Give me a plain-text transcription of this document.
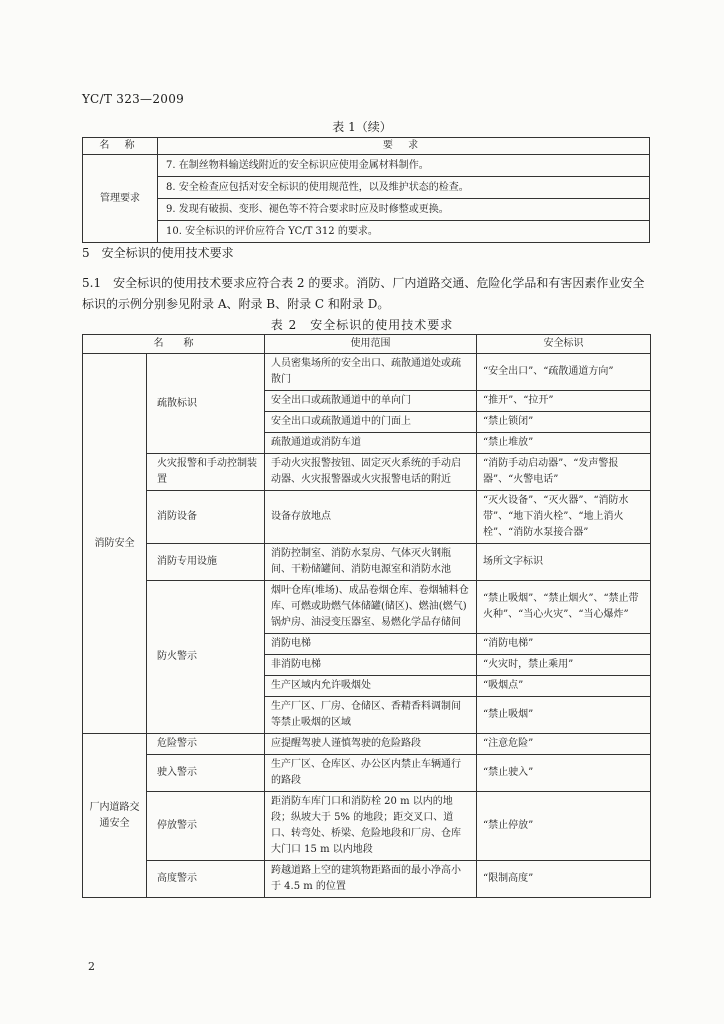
YC/T 323—2009
表 1（续）
名 称	要 求
管理要求	7. 在制丝物料输送线附近的安全标识应使用金属材料制作。
	8. 安全检查应包括对安全标识的使用规范性，以及维护状态的检查。
	9. 发现有破损、变形、褪色等不符合要求时应及时修整或更换。
	10. 安全标识的评价应符合 YC/T 312 的要求。
5　安全标识的使用技术要求
5.1　安全标识的使用技术要求应符合表 2 的要求。消防、厂内道路交通、危险化学品和有害因素作业安全标识的示例分别参见附录 A、附录 B、附录 C 和附录 D。
表 2　安全标识的使用技术要求
名　　称		使用范围	安全标识
消防安全	疏散标识	人员密集场所的安全出口、疏散通道处或疏散门	“安全出口”、“疏散通道方向”
		安全出口或疏散通道中的单向门	“推开”、“拉开”
		安全出口或疏散通道中的门面上	“禁止锁闭”
		疏散通道或消防车道	“禁止堆放”
	火灾报警和手动控制装置	手动火灾报警按钮、固定灭火系统的手动启动器、火灾报警器或火灾报警电话的附近	“消防手动启动器”、“发声警报器”、“火警电话”
	消防设备	设备存放地点	“灭火设备”、“灭火器”、“消防水带”、“地下消火栓”、“地上消火栓”、“消防水泵接合器”
	消防专用设施	消防控制室、消防水泵房、气体灭火钢瓶间、干粉储罐间、消防电源室和消防水池	场所文字标识
	防火警示	烟叶仓库(堆场)、成品卷烟仓库、卷烟辅料仓库、可燃或助燃气体储罐(储区)、燃油(燃气)锅炉房、油浸变压器室、易燃化学品存储间	“禁止吸烟”、“禁止烟火”、“禁止带火种”、“当心火灾”、“当心爆炸”
		消防电梯	“消防电梯”
		非消防电梯	“火灾时，禁止乘用”
		生产区域内允许吸烟处	“吸烟点”
		生产厂区、厂房、仓储区、香精香料调制间等禁止吸烟的区域	“禁止吸烟”
厂内道路交通安全	危险警示	应提醒驾驶人谨慎驾驶的危险路段	“注意危险”
	驶入警示	生产厂区、仓库区、办公区内禁止车辆通行的路段	“禁止驶入”
	停放警示	距消防车库门口和消防栓 20 m 以内的地段；纵坡大于 5% 的地段；距交叉口、道口、转弯处、桥梁、危险地段和厂房、仓库大门口 15 m 以内地段	“禁止停放”
	高度警示	跨越道路上空的建筑物距路面的最小净高小于 4.5 m 的位置	“限制高度”
2
